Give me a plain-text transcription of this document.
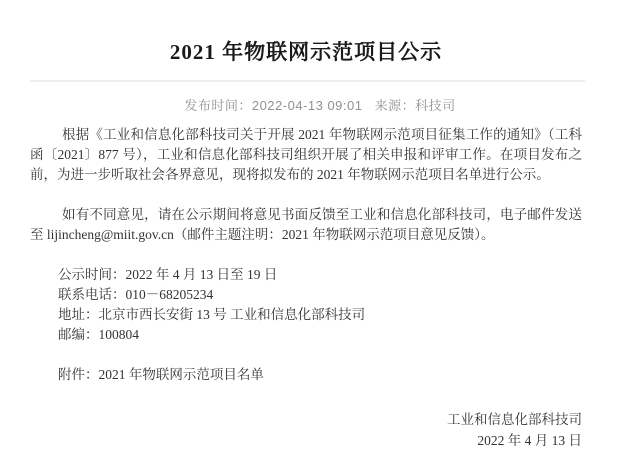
2021 年物联网示范项目公示
发布时间：2022-04-13 09:01 来源：科技司

根据《工业和信息化部科技司关于开展 2021 年物联网示范项目征集工作的通知》（工科函〔2021〕877 号），工业和信息化部科技司组织开展了相关申报和评审工作。在项目发布之前，为进一步听取社会各界意见，现将拟发布的 2021 年物联网示范项目名单进行公示。

如有不同意见，请在公示期间将意见书面反馈至工业和信息化部科技司，电子邮件发送至 lijincheng@miit.gov.cn（邮件主题注明：2021 年物联网示范项目意见反馈）。

公示时间：2022 年 4 月 13 日至 19 日
联系电话：010－68205234
地址：北京市西长安街 13 号 工业和信息化部科技司
邮编：100804
附件：2021 年物联网示范项目名单
工业和信息化部科技司
2022 年 4 月 13 日
